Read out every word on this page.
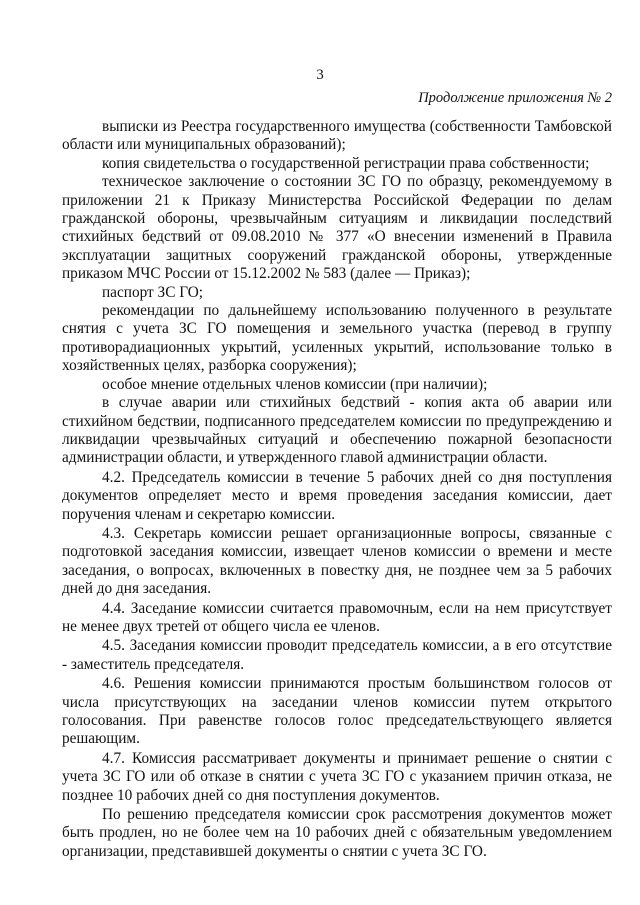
3
Продолжение приложения № 2

выписки из Реестра государственного имущества (собственности Тамбовской области или муниципальных образований);

копия свидетельства о государственной регистрации права собственности;

техническое заключение о состоянии ЗС ГО по образцу, рекомендуемому в приложении 21 к Приказу Министерства Российской Федерации по делам гражданской обороны, чрезвычайным ситуациям и ликвидации последствий стихийных бедствий от 09.08.2010 № 377 «О внесении изменений в Правила эксплуатации защитных сооружений гражданской обороны, утвержденные приказом МЧС России от 15.12.2002 № 583 (далее — Приказ);

паспорт ЗС ГО;

рекомендации по дальнейшему использованию полученного в результате снятия с учета ЗС ГО помещения и земельного участка (перевод в группу противорадиационных укрытий, усиленных укрытий, использование только в хозяйственных целях, разборка сооружения);

особое мнение отдельных членов комиссии (при наличии);

в случае аварии или стихийных бедствий - копия акта об аварии или стихийном бедствии, подписанного председателем комиссии по предупреждению и ликвидации чрезвычайных ситуаций и обеспечению пожарной безопасности администрации области, и утвержденного главой администрации области.

4.2. Председатель комиссии в течение 5 рабочих дней со дня поступления документов определяет место и время проведения заседания комиссии, дает поручения членам и секретарю комиссии.

4.3. Секретарь комиссии решает организационные вопросы, связанные с подготовкой заседания комиссии, извещает членов комиссии о времени и месте заседания, о вопросах, включенных в повестку дня, не позднее чем за 5 рабочих дней до дня заседания.

4.4. Заседание комиссии считается правомочным, если на нем присутствует не менее двух третей от общего числа ее членов.

4.5. Заседания комиссии проводит председатель комиссии, а в его отсутствие - заместитель председателя.

4.6. Решения комиссии принимаются простым большинством голосов от числа присутствующих на заседании членов комиссии путем открытого голосования. При равенстве голосов голос председательствующего является решающим.

4.7. Комиссия рассматривает документы и принимает решение о снятии с учета ЗС ГО или об отказе в снятии с учета ЗС ГО с указанием причин отказа, не позднее 10 рабочих дней со дня поступления документов.

По решению председателя комиссии срок рассмотрения документов может быть продлен, но не более чем на 10 рабочих дней с обязательным уведомлением организации, представившей документы о снятии с учета ЗС ГО.
